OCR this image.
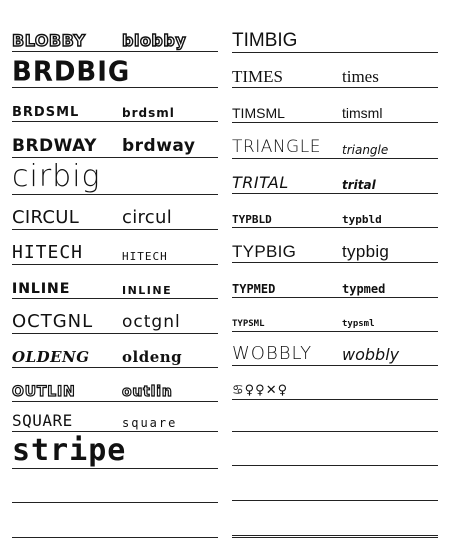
BLOBBY blobby
BRDBIG
BRDSML	brdsml
BRDWAY brdway
cirbig
CIRCUL circul
HITECH	HITECH
INLINE	INLINE
OCTGNL octgnl
OLDENG oldeng
OUTLIN	outlin
SQUARE	square
stripe
TIMBIG
TIMES	times
TIMSML	timsml
TRIANGLE triangle
TRITAL	trital
TYPBLD	typbld
TYPBIG	typbig
TYPMED	typmed
TYPSML	typsml
WOBBLY wobbly
♋♀♀✕♀
